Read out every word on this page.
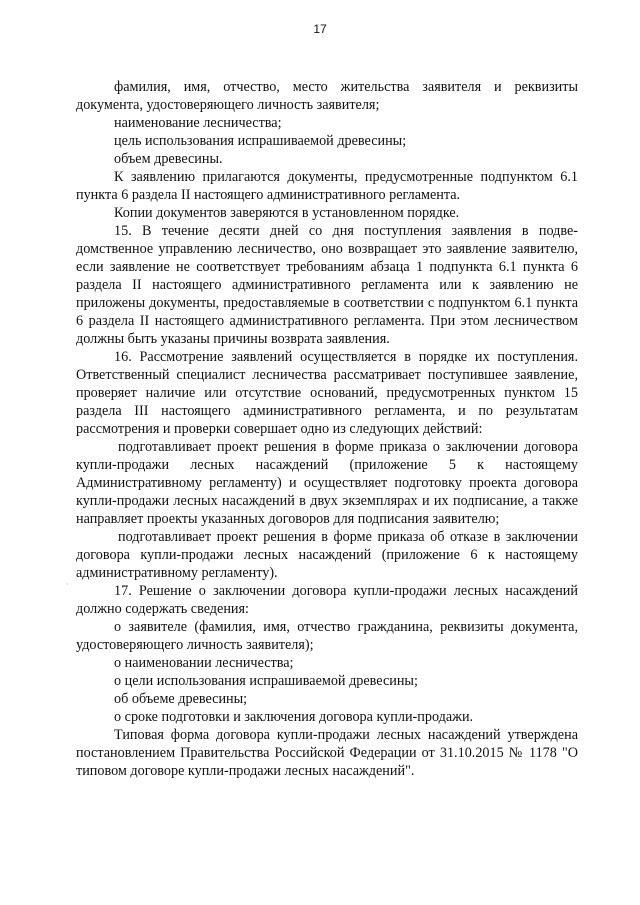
17
·

фамилия, имя, отчество, место жительства заявителя и реквизиты документа, удостоверяющего личность заявителя;

наименование лесничества;

цель использования испрашиваемой древесины;

объем древесины.

К заявлению прилагаются документы, предусмотренные подпунктом 6.1 пункта 6 раздела II настоящего административного регламента.

Копии документов заверяются в установленном порядке.

15. В течение десяти дней со дня поступления заявления в подведомственное управлению лесничество, оно возвращает это заявление заявителю, если заявление не соответствует требованиям абзаца 1 подпункта 6.1 пункта 6 раздела II настоящего административного регламента или к заявлению не приложены документы, предоставляемые в соответствии с подпунктом 6.1 пункта 6 раздела II настоящего административного регламента. При этом лесничеством должны быть указаны причины возврата заявления.

16. Рассмотрение заявлений осуществляется в порядке их поступления. Ответственный специалист лесничества рассматривает поступившее заявление, проверяет наличие или отсутствие оснований, предусмотренных пунктом 15 раздела III настоящего административного регламента, и по результатам рассмотрения и проверки совершает одно из следующих действий:

подготавливает проект решения в форме приказа о заключении договора купли-продажи лесных насаждений (приложение 5 к настоящему Административному регламенту) и осуществляет подготовку проекта договора купли-продажи лесных насаждений в двух экземплярах и их подписание, а также направляет проекты указанных договоров для подписания заявителю;

подготавливает проект решения в форме приказа об отказе в заключении договора купли-продажи лесных насаждений (приложение 6 к настоящему административному регламенту).

17. Решение о заключении договора купли-продажи лесных насаждений должно содержать сведения:

о заявителе (фамилия, имя, отчество гражданина, реквизиты документа, удостоверяющего личность заявителя);

о наименовании лесничества;

о цели использования испрашиваемой древесины;

об объеме древесины;

о сроке подготовки и заключения договора купли-продажи.

Типовая форма договора купли-продажи лесных насаждений утверждена постановлением Правительства Российской Федерации от 31.10.2015 № 1178 "О типовом договоре купли-продажи лесных насаждений".
